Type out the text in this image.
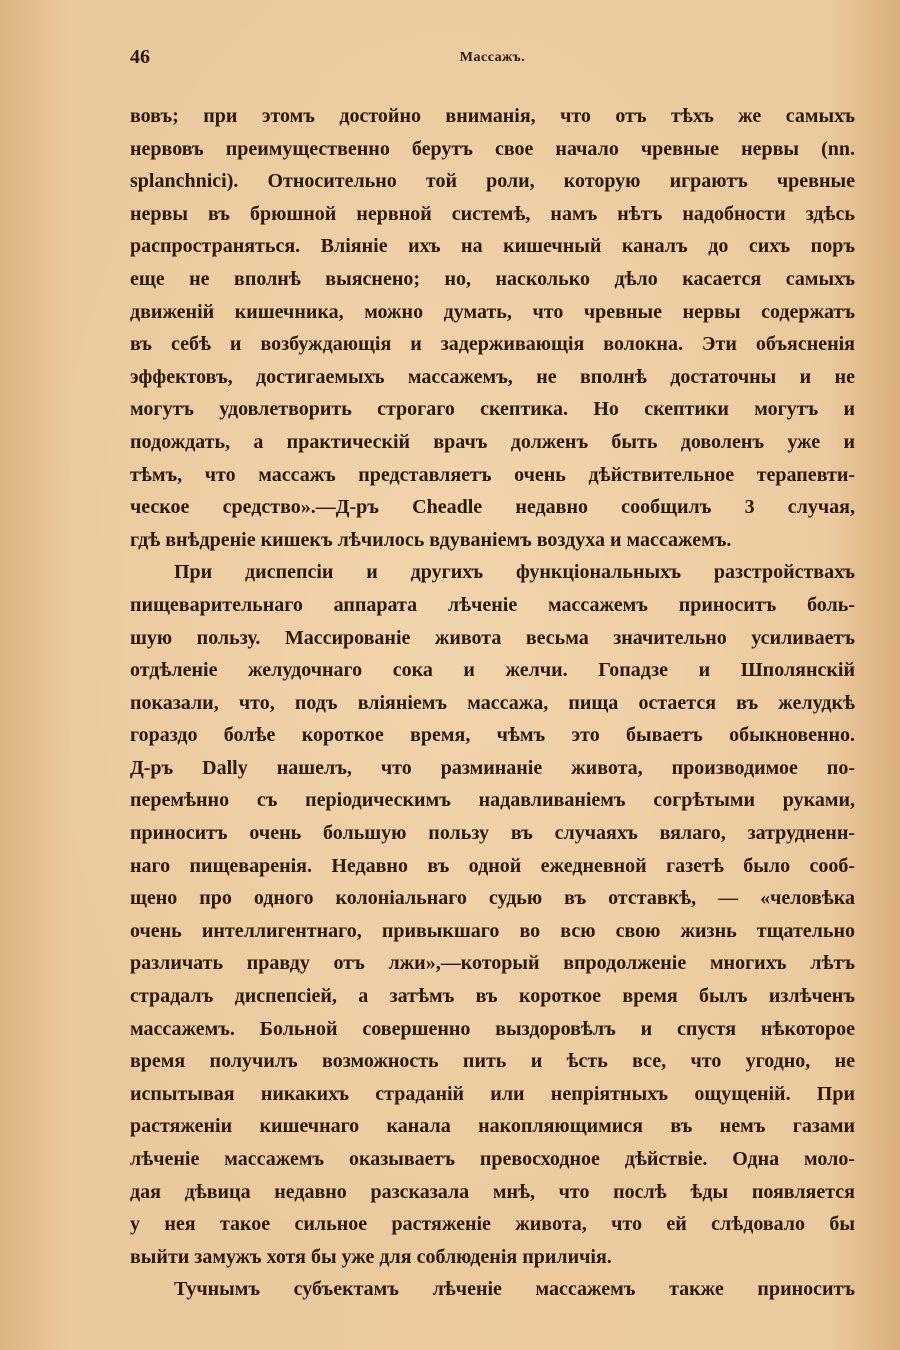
46	Массажъ.
вовъ; при этомъ достойно вниманія, что отъ тѣхъ же самыхъ
нервовъ преимущественно берутъ свое начало чревные нервы (nn.
splanchnici). Относительно той роли, которую играютъ чревные
нервы въ брюшной нервной системѣ, намъ нѣтъ надобности здѣсь
распространяться. Вліяніе ихъ на кишечный каналъ до сихъ поръ
еще не вполнѣ выяснено; но, насколько дѣло касается самыхъ
движеній кишечника, можно думать, что чревные нервы содержатъ
въ себѣ и возбуждающія и задерживающія волокна. Эти объясненія
эффектовъ, достигаемыхъ массажемъ, не вполнѣ достаточны и не
могутъ удовлетворить строгаго скептика. Но скептики могутъ и
подождать, а практическій врачъ долженъ быть доволенъ уже и
тѣмъ, что массажъ представляетъ очень дѣйствительное терапевти-
ческое средство».—Д-ръ Cheadle недавно сообщилъ 3 случая,
гдѣ внѣдреніе кишекъ лѣчилось вдуваніемъ воздуха и массажемъ.
При диспепсіи и другихъ функціональныхъ разстройствахъ
пищеварительнаго аппарата лѣченіе массажемъ приноситъ боль-
шую пользу. Массированіе живота весьма значительно усиливаетъ
отдѣленіе желудочнаго сока и желчи. Гопадзе и Шполянскій
показали, что, подъ вліяніемъ массажа, пища остается въ желудкѣ
гораздо болѣе короткое время, чѣмъ это бываетъ обыкновенно.
Д-ръ Dally нашелъ, что разминаніе живота, производимое по-
перемѣнно съ періодическимъ надавливаніемъ согрѣтыми руками,
приноситъ очень большую пользу въ случаяхъ вялаго, затрудненн-
наго пищеваренія. Недавно въ одной ежедневной газетѣ было сооб-
щено про одного колоніальнаго судью въ отставкѣ, — «человѣка
очень интеллигентнаго, привыкшаго во всю свою жизнь тщательно
различать правду отъ лжи»,—который впродолженіе многихъ лѣтъ
страдалъ диспепсіей, а затѣмъ въ короткое время былъ излѣченъ
массажемъ. Больной совершенно выздоровѣлъ и спустя нѣкоторое
время получилъ возможность пить и ѣсть все, что угодно, не
испытывая никакихъ страданій или непріятныхъ ощущеній. При
растяженіи кишечнаго канала накопляющимися въ немъ газами
лѣченіе массажемъ оказываетъ превосходное дѣйствіе. Одна моло-
дая дѣвица недавно разсказала мнѣ, что послѣ ѣды появляется
у нея такое сильное растяженіе живота, что ей слѣдовало бы
выйти замужъ хотя бы уже для соблюденія приличія.
Тучнымъ субъектамъ лѣченіе массажемъ также приноситъ
